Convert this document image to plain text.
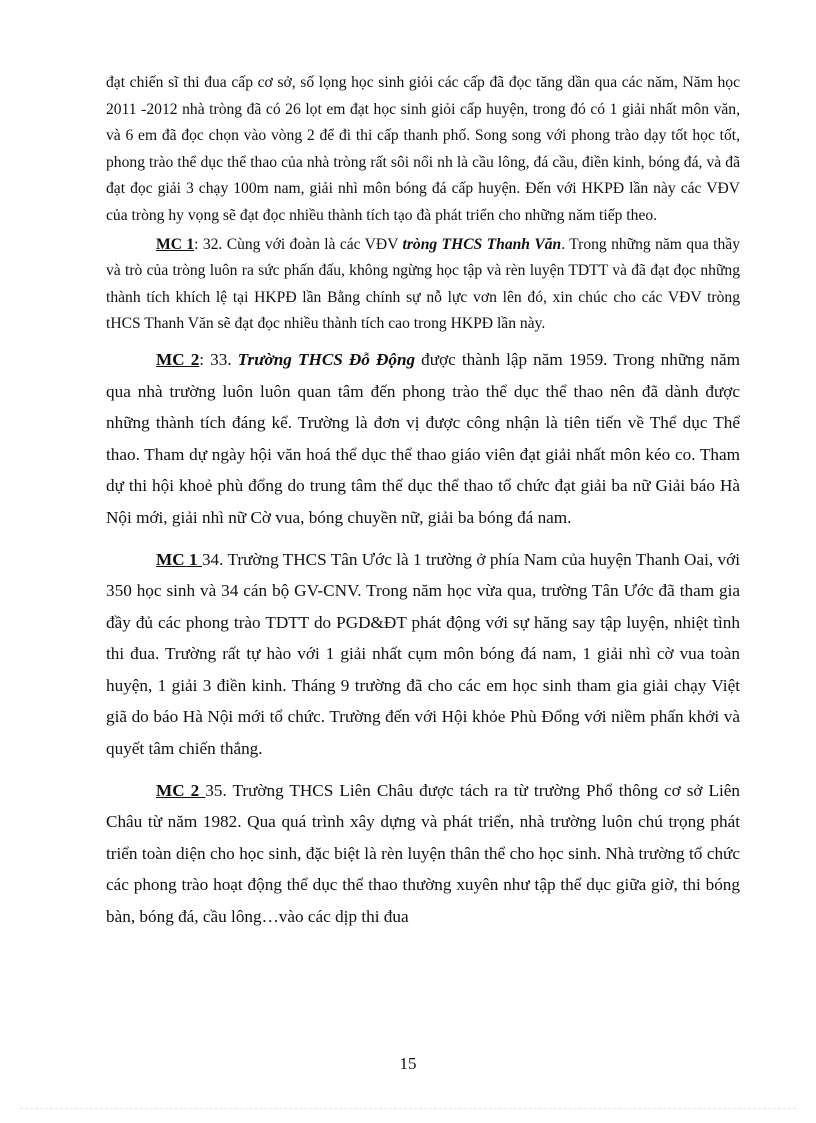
đạt chiến sĩ thi đua cấp cơ sở, số lọng học sinh giỏi các cấp đã đọc tăng dần qua các năm, Năm học 2011 -2012 nhà tròng đã có 26 lọt em đạt học sinh giỏi cấp huyện, trong đó có 1 giải nhất môn văn, và 6 em đã đọc chọn vào vòng 2 để đi thi cấp thanh phố. Song song với phong trào dạy tốt học tốt, phong trào thể dục thể thao của nhà tròng rất sôi nổi nh là cầu lông, đá cầu, điền kinh, bóng đá, và đã đạt đọc giải 3 chạy 100m nam, giải nhì môn bóng đá cấp huyện. Đến với HKPĐ lần này các VĐV của tròng hy vọng sẽ đạt đọc nhiều thành tích tạo đà phát triển cho những năm tiếp theo.

MC 1: 32. Cùng với đoàn là các VĐV tròng THCS Thanh Văn. Trong những năm qua thầy và trò của tròng luôn ra sức phấn đấu, không ngừng học tập và rèn luyện TDTT và đã đạt đọc những thành tích khích lệ tại HKPĐ lần Bằng chính sự nỗ lực vơn lên đó, xin chúc cho các VĐV tròng tHCS Thanh Văn sẽ đạt đọc nhiều thành tích cao trong HKPĐ lần này.

MC 2: 33. Trường THCS Đỗ Động được thành lập năm 1959. Trong những năm qua nhà trường luôn luôn quan tâm đến phong trào thể dục thể thao nên đã dành được những thành tích đáng kể. Trường là đơn vị được công nhận là tiên tiến về Thể dục Thể thao. Tham dự ngày hội văn hoá thể dục thể thao giáo viên đạt giải nhất môn kéo co. Tham dự thi hội khoẻ phù đổng do trung tâm thể dục thể thao tổ chức đạt giải ba nữ Giải báo Hà Nội mới, giải nhì nữ Cờ vua, bóng chuyền nữ, giải ba bóng đá nam.

MC 1 34. Trường THCS Tân Ước là 1 trường ở phía Nam của huyện Thanh Oai, với 350 học sinh và 34 cán bộ GV-CNV. Trong năm học vừa qua, trường Tân Ước đã tham gia đầy đủ các phong trào TDTT do PGD&ĐT phát động với sự hăng say tập luyện, nhiệt tình thi đua. Trường rất tự hào với 1 giải nhất cụm môn bóng đá nam, 1 giải nhì cờ vua toàn huyện, 1 giải 3 điền kinh. Tháng 9 trường đã cho các em học sinh tham gia giải chạy Việt giã do báo Hà Nội mới tổ chức. Trường đến với Hội khỏe Phù Đổng với niềm phấn khởi và quyết tâm chiến thắng.

MC 2 35. Trường THCS Liên Châu được tách ra từ trường Phổ thông cơ sở Liên Châu từ năm 1982. Qua quá trình xây dựng và phát triển, nhà trường luôn chú trọng phát triển toàn diện cho học sinh, đặc biệt là rèn luyện thân thể cho học sinh. Nhà trường tổ chức các phong trào hoạt động thể dục thể thao thường xuyên như tập thể dục giữa giờ, thi bóng bàn, bóng đá, cầu lông…vào các dịp thi đua

15
